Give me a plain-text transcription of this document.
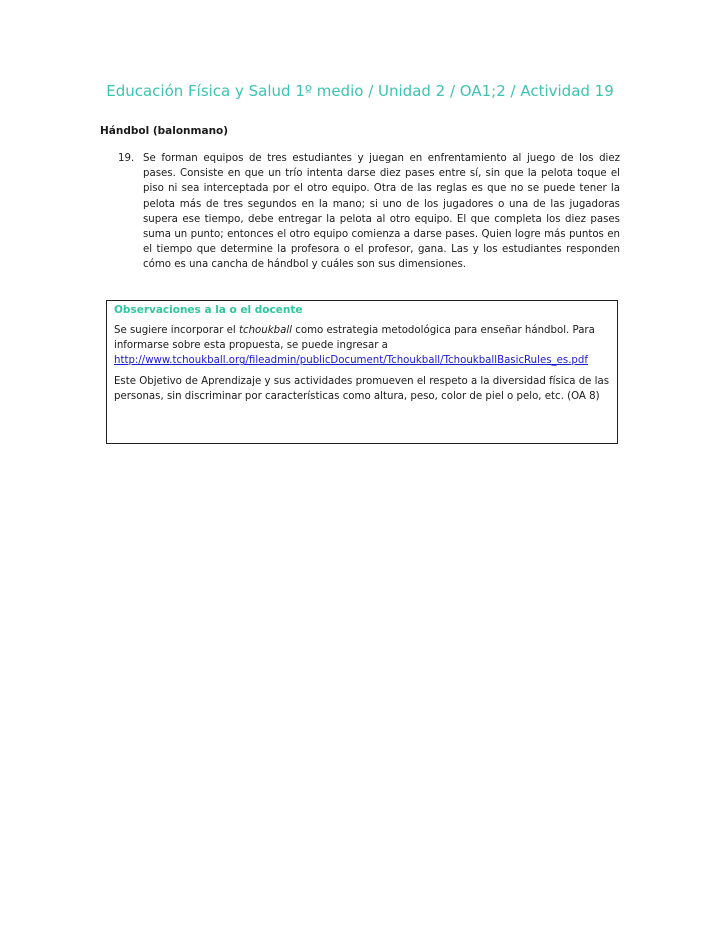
Educación Física y Salud 1º medio / Unidad 2 / OA1;2 / Actividad 19
Hándbol (balonmano)
19. Se forman equipos de tres estudiantes y juegan en enfrentamiento al juego de los diez pases. Consiste en que un trío intenta darse diez pases entre sí, sin que la pelota toque el piso ni sea interceptada por el otro equipo. Otra de las reglas es que no se puede tener la pelota más de tres segundos en la mano; si uno de los jugadores o una de las jugadoras supera ese tiempo, debe entregar la pelota al otro equipo. El que completa los diez pases suma un punto; entonces el otro equipo comienza a darse pases. Quien logre más puntos en el tiempo que determine la profesora o el profesor, gana. Las y los estudiantes responden cómo es una cancha de hándbol y cuáles son sus dimensiones.
Observaciones a la o el docente

Se sugiere incorporar el tchoukball como estrategia metodológica para enseñar hándbol. Para informarse sobre esta propuesta, se puede ingresar a
http://www.tchoukball.org/fileadmin/publicDocument/Tchoukball/TchoukballBasicRules_es.pdf

Este Objetivo de Aprendizaje y sus actividades promueven el respeto a la diversidad física de las personas, sin discriminar por características como altura, peso, color de piel o pelo, etc. (OA 8)
